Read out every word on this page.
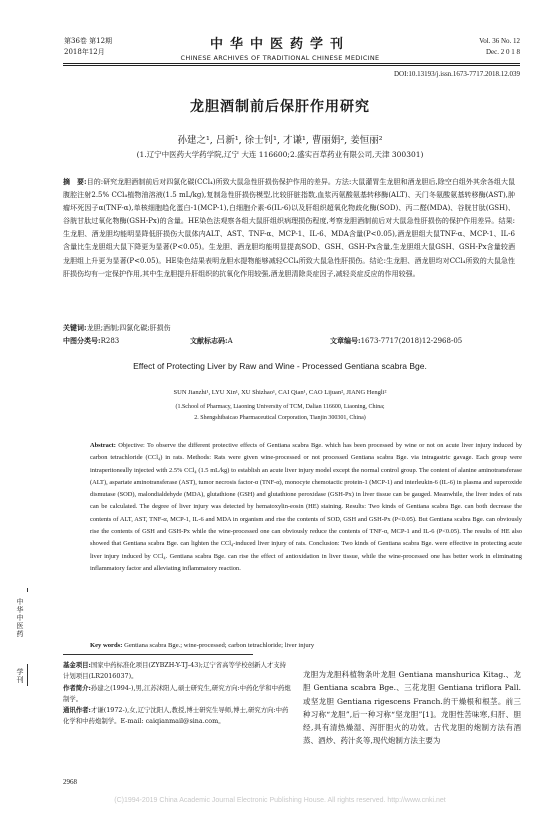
第36卷 第12期
2018年12月	中华中医药学刊
CHINESE ARCHIVES OF TRADITIONAL CHINESE MEDICINE
Vol. 36 No. 12
Dec. 2 0 1 8
DOI:10.13193/j.issn.1673-7717.2018.12.039
龙胆酒制前后保肝作用研究
孙建之¹, 吕新¹, 徐士钊¹, 才谦¹, 曹丽娟², 姜恒丽²
(1.辽宁中医药大学药学院,辽宁 大连 116600;2.盛实百草药业有限公司,天津 300301)
摘　要:目的:研究龙胆酒制前后对四氯化碳(CCl₄)所致大鼠急性肝损伤保护作用的差异。方法:大鼠灌胃生龙胆和酒龙胆后,除空白组外其余各组大鼠腹腔注射2.5% CCl₄植物油溶液(1.5 mL/kg),复制急性肝损伤模型,比较肝脏指数,血浆丙氨酸氨基转移酶(ALT)、天门冬氨酸氨基转移酶(AST),肿瘤坏死因子α(TNF-α),单核细胞趋化蛋白-1(MCP-1),白细胞介素-6(IL-6)以及肝组织超氧化物歧化酶(SOD)、丙二醛(MDA)、谷胱甘肽(GSH)、谷胱甘肽过氧化物酶(GSH-Px)的含量。HE染色法观察各组大鼠肝组织病理损伤程度,考察龙胆酒制前后对大鼠急性肝损伤的保护作用差异。结果:生龙胆、酒龙胆均能明显降低肝损伤大鼠体内ALT、AST、TNF-α、MCP-1、IL-6、MDA含量(P<0.05),酒龙胆组大鼠TNF-α、MCP-1、IL-6含量比生龙胆组大鼠下降更为显著(P<0.05)。生龙胆、酒龙胆均能明显提高SOD、GSH、GSH-Px含量,生龙胆组大鼠GSH、GSH-Px含量较酒龙胆组上升更为显著(P<0.05)。HE染色结果表明龙胆水提物能够减轻CCl₄所致大鼠急性肝损伤。结论:生龙胆、酒龙胆均对CCl₄所致的大鼠急性肝损伤均有一定保护作用,其中生龙胆提升肝组织的抗氧化作用较强,酒龙胆清除炎症因子,减轻炎症反应的作用较强。
关键词:龙胆;酒制;四氯化碳;肝损伤
中图分类号:R283	文献标志码:A	文章编号:1673-7717(2018)12-2968-05
Effect of Protecting Liver by Raw and Wine - Processed Gentiana scabra Bge.
SUN Jianzhi¹, LYU Xin¹, XU Shizhao¹, CAI Qian¹, CAO Lijuan², JIANG Hengli²
(1.School of Pharmacy, Liaoning University of TCM, Dalian 116600, Liaoning, China;
2. Shengshibaicao Pharmaceutical Corporation, Tianjin 300301, China)
Abstract: Objective: To observe the different protective effects of Gentiana scabra Bge. which has been processed by wine or not on acute liver injury induced by carbon tetrachloride (CCl₄) in rats. Methods: Rats were given wine-processed or not processed Gentiana scabra Bge. via intragastric gavage. Each group were intraperitoneally injected with 2.5% CCl₄ (1.5 mL/kg) to establish an acute liver injury model except the normal control group. The content of alanine aminotransferase (ALT), aspartate aminotransferase (AST), tumor necrosis factor-α (TNF-α), monocyte chemotactic protein-1 (MCP-1) and interleukin-6 (IL-6) in plasma and superoxide dismutase (SOD), malondialdehyde (MDA), glutathione (GSH) and glutathione peroxidase (GSH-Px) in liver tissue can be gauged. Meanwhile, the liver index of rats can be calculated. The degree of liver injury was detected by hematoxylin-eosin (HE) staining. Results: Two kinds of Gentiana scabra Bge. can both decrease the contents of ALT, AST, TNF-α, MCP-1, IL-6 and MDA in organism and rise the contents of SOD, GSH and GSH-Px (P<0.05). But Gentiana scabra Bge. can obviously rise the contents of GSH and GSH-Px while the wine-processed one can obviously reduce the contents of TNF-α, MCP-1 and IL-6 (P<0.05). The results of HE also showed that Gentiana scabra Bge. can lighten the CCl₄-induced liver injury of rats. Conclusion: Two kinds of Gentiana scabra Bge. were effective in protecting acute liver injury induced by CCl₄. Gentiana scabra Bge. can rise the effect of antioxidation in liver tissue, while the wine-processed one has better work in eliminating inflammatory factor and alleviating inflammatory reaction.
Key words: Gentiana scabra Bge.; wine-processed; carbon tetrachloride; liver injury
中华中医药
学刊
基金项目:国家中药标准化项目(ZYBZH-Y-TJ-43);辽宁省高等学校创新人才支持计划项目(LR2016037)。
作者简介:孙建之(1994-),男,江苏沭阳人,硕士研究生,研究方向:中药化学和中药炮制学。
通讯作者:才谦(1972-),女,辽宁沈阳人,教授,博士研究生导师,博士,研究方向:中药化学和中药炮制学。E-mail: caiqianmail@sina.com。
龙胆为龙胆科植物条叶龙胆 Gentiana manshurica Kitag.、龙胆 Gentiana scabra Bge.、三花龙胆 Gentiana triflora Pall.或坚龙胆 Gentiana rigescens Franch.的干燥根和根茎。前三种习称“龙胆”,后一种习称“坚龙胆”[1]。龙胆性苦味寒,归肝、胆经,具有清热燥湿、泻肝胆火的功效。古代龙胆的炮制方法有酒蒸、酒炒、药汁炙等,现代炮制方法主要为
2968
(C)1994-2019 China Academic Journal Electronic Publishing House. All rights reserved. http://www.cnki.net
